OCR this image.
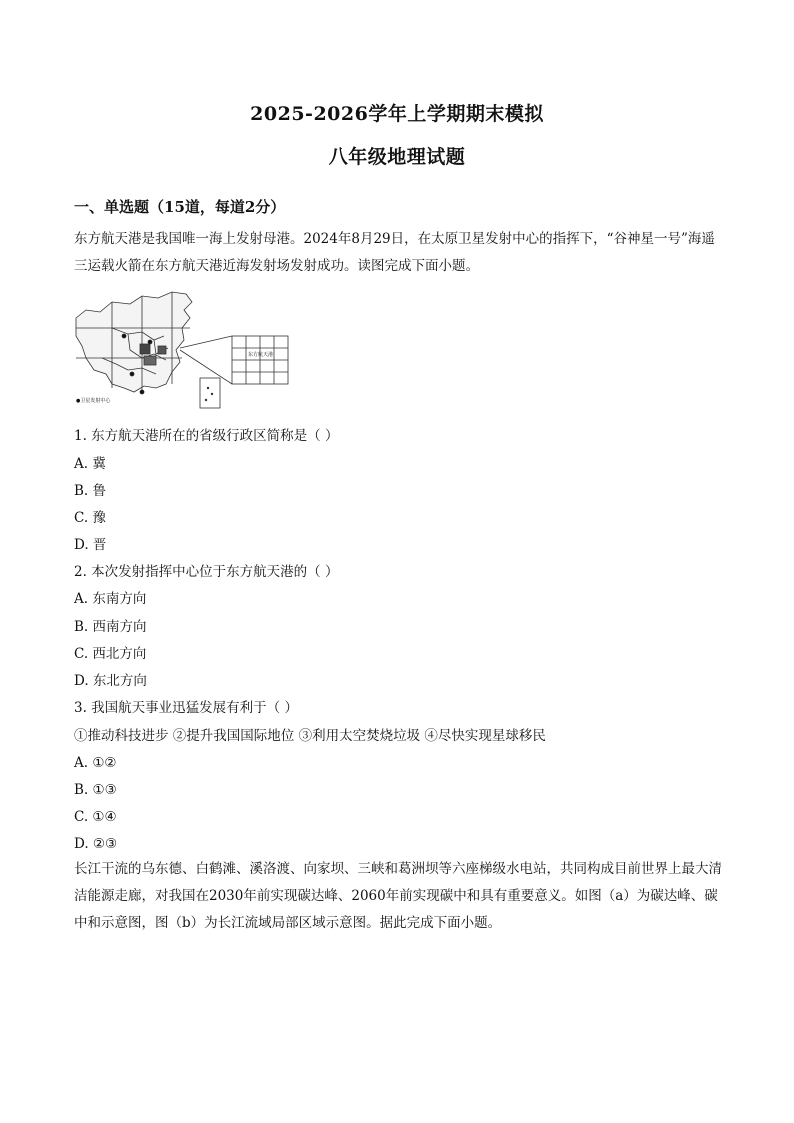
2025-2026学年上学期期末模拟
八年级地理试题
一、单选题（15道，每道2分）
东方航天港是我国唯一海上发射母港。2024年8月29日，在太原卫星发射中心的指挥下，“谷神星一号”海遥三运载火箭在东方航天港近海发射场发射成功。读图完成下面小题。
东方航天港
●卫星发射中心
1. 东方航天港所在的省级行政区简称是（ ）
A. 冀
B. 鲁
C. 豫
D. 晋
2. 本次发射指挥中心位于东方航天港的（ ）
A. 东南方向
B. 西南方向
C. 西北方向
D. 东北方向
3. 我国航天事业迅猛发展有利于（ ）
①推动科技进步 ②提升我国国际地位 ③利用太空焚烧垃圾 ④尽快实现星球移民
A. ①②
B. ①③
C. ①④
D. ②③
长江干流的乌东德、白鹤滩、溪洛渡、向家坝、三峡和葛洲坝等六座梯级水电站，共同构成目前世界上最大清洁能源走廊，对我国在2030年前实现碳达峰、2060年前实现碳中和具有重要意义。如图（a）为碳达峰、碳中和示意图，图（b）为长江流域局部区域示意图。据此完成下面小题。
